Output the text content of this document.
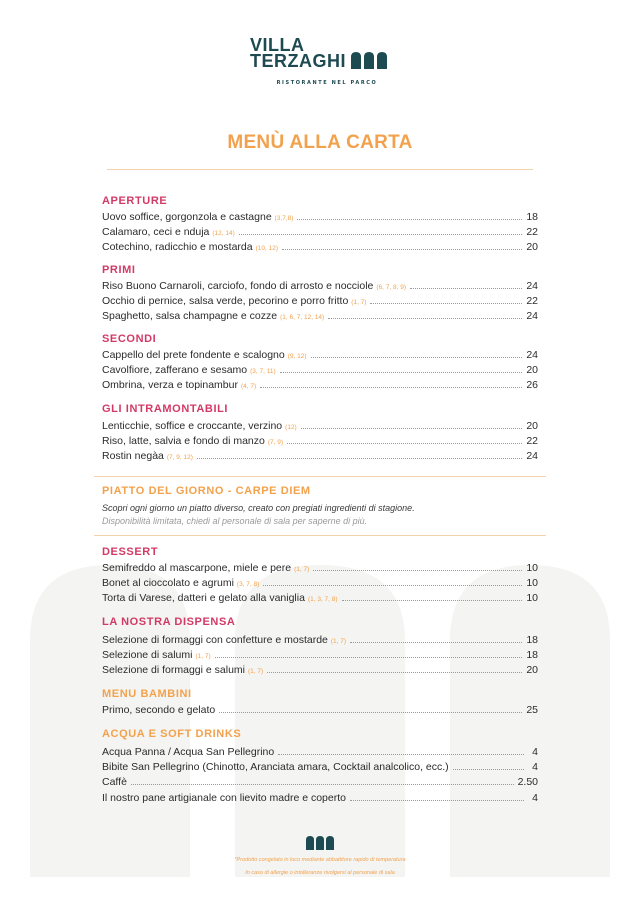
VILLA
TERZAGHI
RISTORANTE NEL PARCO
MENÙ ALLA CARTA
APERTURE
Uovo soffice, gorgonzola e castagne (3,7,8)	18
Calamaro, ceci e nduja (12, 14)	22
Cotechino, radicchio e mostarda (10, 12)	20
PRIMI
Riso Buono Carnaroli, carciofo, fondo di arrosto e nocciole (6, 7, 8, 9)	24
Occhio di pernice, salsa verde, pecorino e porro fritto (1, 7)	22
Spaghetto, salsa champagne e cozze (1, 6, 7, 12, 14)	24
SECONDI
Cappello del prete fondente e scalogno (9, 12)	24
Cavolfiore, zafferano e sesamo (3, 7, 11)	20
Ombrina, verza e topinambur (4, 7)	26
GLI INTRAMONTABILI
Lenticchie, soffice e croccante, verzino (12)	20
Riso, latte, salvia e fondo di manzo (7, 9)	22
Rostin negàa (7, 9, 12)	24
PIATTO DEL GIORNO - CARPE DIEM
Scopri ogni giorno un piatto diverso, creato con pregiati ingredienti di stagione.
Disponibilità limitata, chiedi al personale di sala per saperne di più.
DESSERT
Semifreddo al mascarpone, miele e pere (1, 7)	10
Bonet al cioccolato e agrumi (3, 7, 8)	10
Torta di Varese, datteri e gelato alla vaniglia (1, 3, 7, 8)	10
LA NOSTRA DISPENSA
Selezione di formaggi con confetture e mostarde (1, 7)	18
Selezione di salumi (1, 7)	18
Selezione di formaggi e salumi (1, 7)	20
MENU BAMBINI
Primo, secondo e gelato	25
ACQUA E SOFT DRINKS
Acqua Panna / Acqua San Pellegrino	4
Bibite San Pellegrino (Chinotto, Aranciata amara, Cocktail analcolico, ecc.)	4
Caffè	2.50
Il nostro pane artigianale con lievito madre e coperto	4
*Prodotto congelato in loco mediante abbattitore rapido di temperatura
In caso di allergie o intolleranze rivolgersi al personale di sala
